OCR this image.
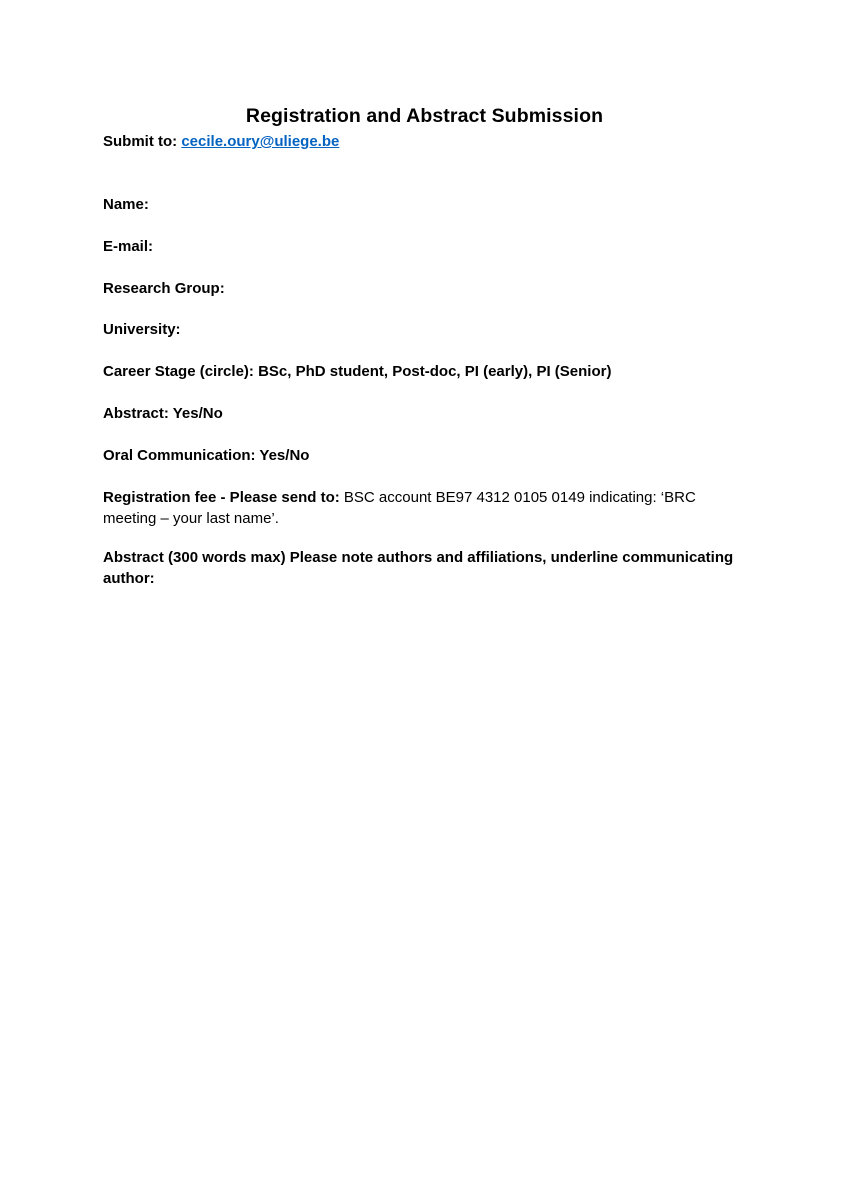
Registration and Abstract Submission
Submit to: cecile.oury@uliege.be
Name:
E-mail:
Research Group:
University:
Career Stage (circle): BSc, PhD student, Post-doc, PI (early), PI (Senior)
Abstract: Yes/No
Oral Communication: Yes/No
Registration fee - Please send to: BSC account BE97 4312 0105 0149 indicating: ‘BRC meeting – your last name’.
Abstract (300 words max) Please note authors and affiliations, underline communicating author:
